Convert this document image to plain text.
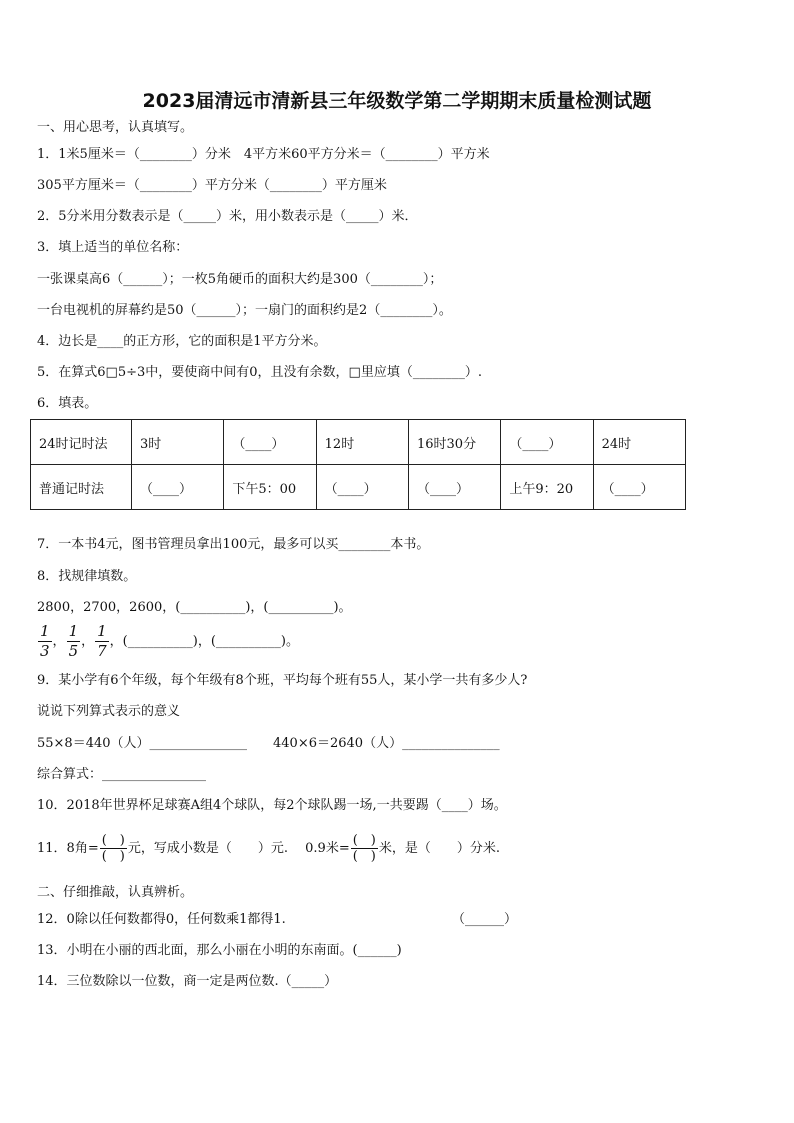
2023届清远市清新县三年级数学第二学期期末质量检测试题
一、用心思考，认真填写。
1．1米5厘米＝（________）分米　4平方米60平方分米＝（________）平方米
305平方厘米＝（________）平方分米（________）平方厘米
2．5分米用分数表示是（_____）米，用小数表示是（_____）米．
3．填上适当的单位名称：
一张课桌高6（______）；一枚5角硬币的面积大约是300（________）；
一台电视机的屏幕约是50（______）；一扇门的面积约是2（________）。
4．边长是____的正方形，它的面积是1平方分米。
5．在算式6□5÷3中，要使商中间有0，且没有余数，□里应填（________）.
6．填表。
24时记时法	3时	（____）	12时	16时30分	（____）	24时
普通记时法	（____）	下午5：00	（____）	（____）	上午9：20	（____）
7．一本书4元，图书管理员拿出100元，最多可以买________本书。
8．找规律填数。
2800，2700，2600，(__________)，(__________)。
$\frac{1}{3}$ ， $\frac{1}{5}$ ， $\frac{1}{7}$ ，(__________)，(__________)。
9．某小学有6个年级，每个年级有8个班，平均每个班有55人，某小学一共有多少人?
说说下列算式表示的意义
55×8＝440（人）_______________　　440×6＝2640（人）_______________
综合算式：________________
10．2018年世界杯足球赛A组4个球队，每2个球队踢一场,一共要踢（____）场。
11．8角= $\frac{( )}{( )}$ 元，写成小数是（　　）元.　 0.9米= $\frac{( )}{( )}$ 米，是（　　）分米.
二、仔细推敲，认真辨析。
12．0除以任何数都得0，任何数乘1都得1.	（______）
13．小明在小丽的西北面，那么小丽在小明的东南面。(______)
14．三位数除以一位数，商一定是两位数.（_____）
